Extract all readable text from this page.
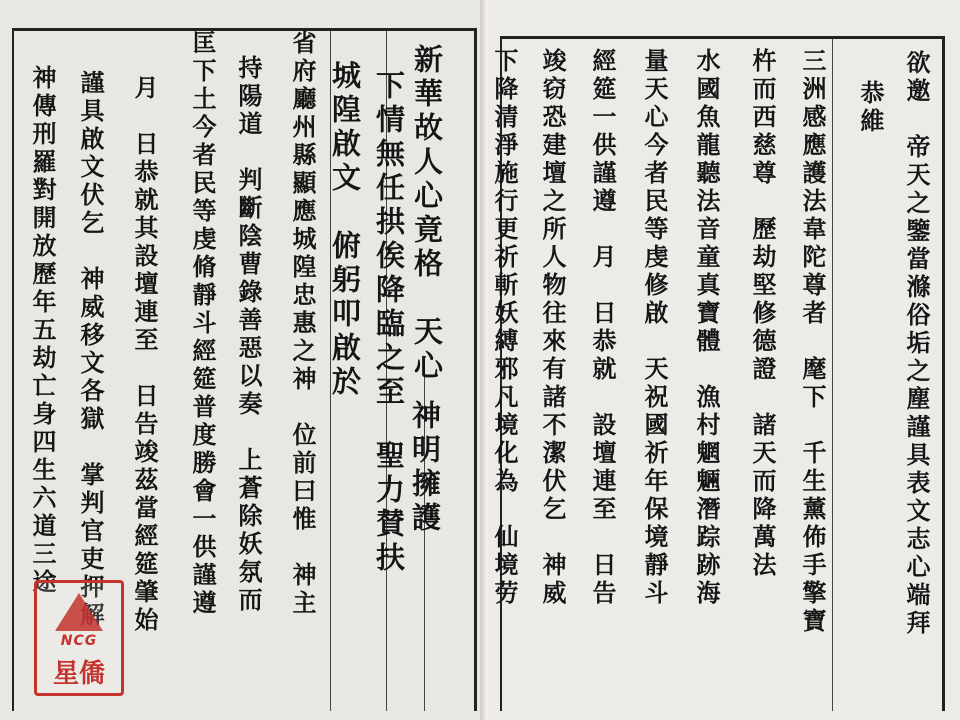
新華故人心竟格　天心
神明擁護
下情無任拱俟降臨之至
聖力賛扶
城隍啟文　俯躬叩啟於
省府廳州縣顯應城隍忠惠之神　位前曰惟　神主
持陽道　判斷陰曹錄善惡以奏　上蒼除妖氛而
匡下土今者民等虔脩靜斗經筵普度勝會一供謹遵
月　日恭就其設壇連至　日告竣茲當經筵肇始
謹具啟文伏乞　神威移文各獄　掌判官吏押解
神傳刑羅對開放歷年五劫亡身四生六道三途
NCG
星僑
欲邀　帝天之鑒當滌俗垢之塵謹具表文志心端拜
恭維
三洲感應護法韋陀尊者　麾下　千生薰佈手擎寶
杵而西慈尊　歷劫堅修德證　諸天而降萬法
水國魚龍聽法音童真寶體　漁村魍魎潛踪跡海
量天心今者民等虔修啟　天祝國祈年保境靜斗
經筵一供謹遵　月　日恭就　設壇連至　日告
竣窃恐建壇之所人物往來有諸不潔伏乞　神威
下降清淨施行更祈斬妖縛邪凡境化為　仙境劳
